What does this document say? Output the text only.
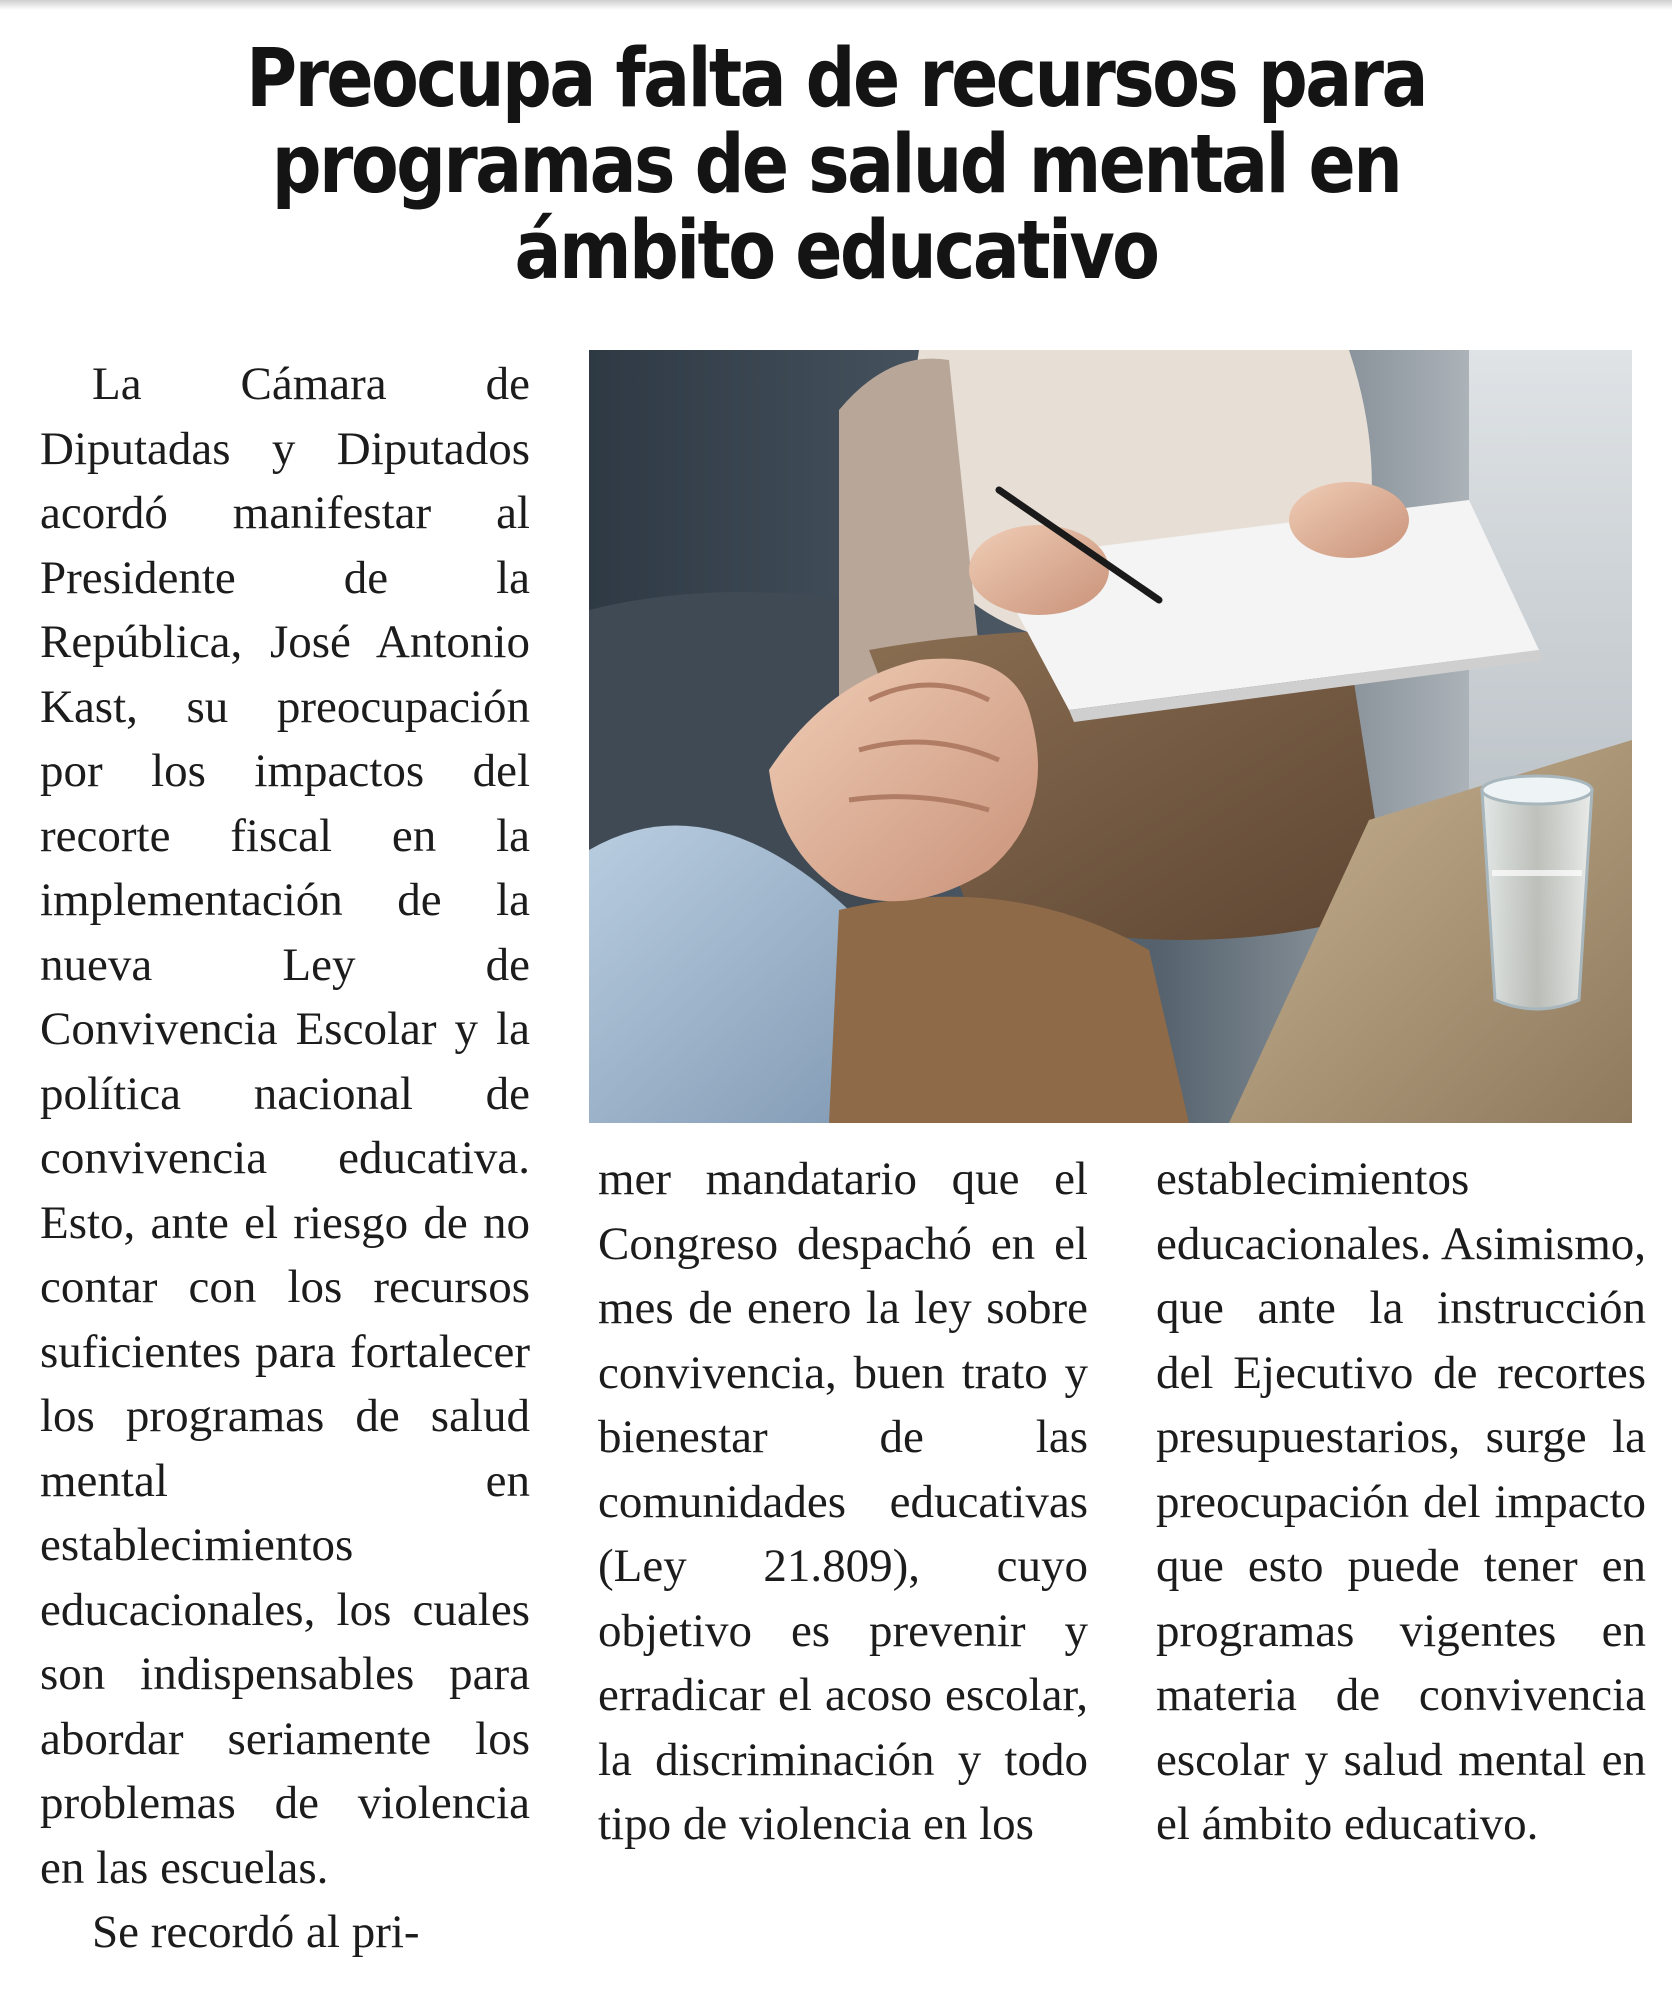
Preocupa falta de recursos para programas de salud mental en ámbito educativo

La Cámara de Diputadas y Diputados acordó manifestar al Presidente de la República, José Antonio Kast, su preocupación por los impactos del recorte fiscal en la implementación de la nueva Ley de Convivencia Escolar y la política nacional de convivencia educativa. Esto, ante el riesgo de no contar con los recursos suficientes para fortalecer los programas de salud mental en establecimientos educacionales, los cuales son indispensables para abordar seriamente los problemas de violencia en las escuelas.

Se recordó al pri-

mer mandatario que el Congreso despachó en el mes de enero la ley sobre convivencia, buen trato y bienestar de las comunidades educativas (Ley 21.809), cuyo objetivo es prevenir y erradicar el acoso escolar, la discriminación y todo tipo de violencia en los

establecimientos educacionales. Asimismo, que ante la instrucción del Ejecutivo de recortes presupuestarios, surge la preocupación del impacto que esto puede tener en programas vigentes en materia de convivencia escolar y salud mental en el ámbito educativo.
